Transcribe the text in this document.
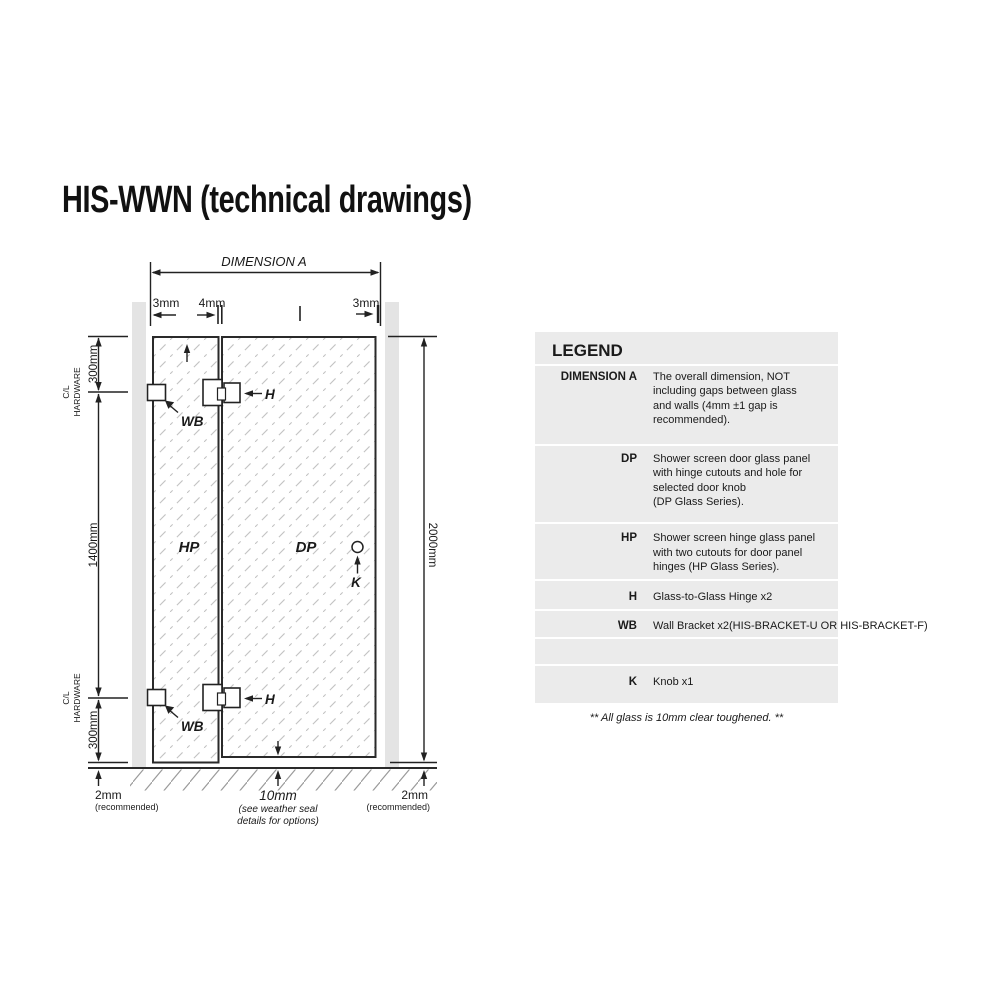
HIS-WWN (technical drawings)
DIMENSION A
3mm 4mm	3mm
HP	DP
K
300mm
1400mm
300mm
C/L HARDWARE
C/L HARDWARE
2000mm
2mm
(recommended)
2mm
(recommended)
10mm
(see weather seal
details for options)
WB
WB
H
H
LEGEND
DIMENSION A The overall dimension, NOT
including gaps between glass
and walls (4mm ±1 gap is
recommended).
DP Shower screen door glass panel
with hinge cutouts and hole for
selected door knob
(DP Glass Series).
HP Shower screen hinge glass panel
with two cutouts for door panel
hinges (HP Glass Series).
H Glass-to-Glass Hinge x2
WB Wall Bracket x2(HIS-BRACKET-U OR HIS-BRACKET-F)
K Knob x1
** All glass is 10mm clear toughened. **
